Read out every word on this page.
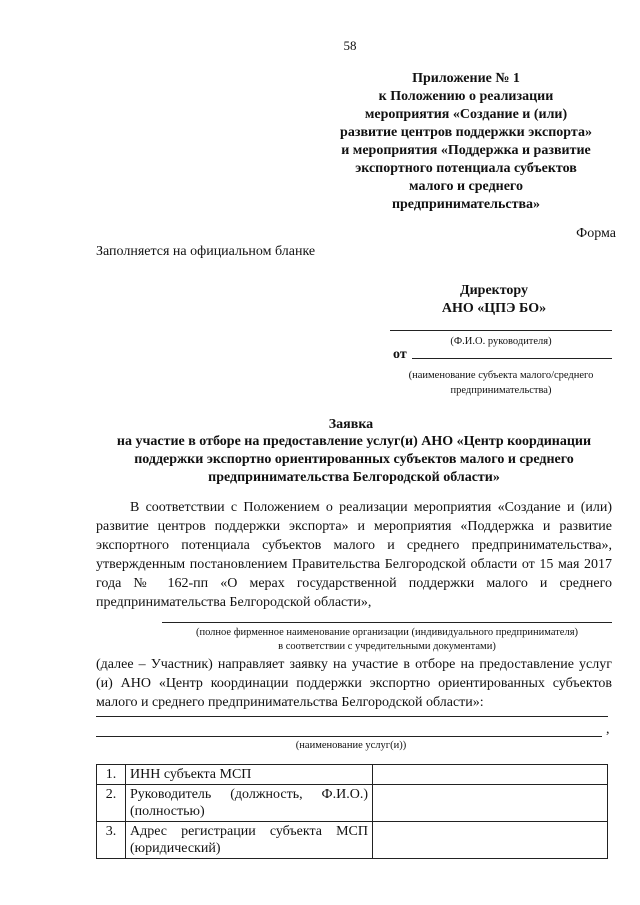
58
Приложение № 1
к Положению о реализации
мероприятия «Создание и (или)
развитие центров поддержки экспорта»
и мероприятия «Поддержка и развитие
экспортного потенциала субъектов
малого и среднего
предпринимательства»
Форма
Заполняется на официальном бланке
Директору
АНО «ЦПЭ БО»
(Ф.И.О. руководителя)
от
(наименование субъекта малого/среднего
предпринимательства)
Заявка
на участие в отборе на предоставление услуг(и) АНО «Центр координации поддержки экспортно ориентированных субъектов малого и среднего предпринимательства Белгородской области»
В соответствии с Положением о реализации мероприятия «Создание и (или) развитие центров поддержки экспорта» и мероприятия «Поддержка и развитие экспортного потенциала субъектов малого и среднего предпринимательства», утвержденным постановлением Правительства Белгородской области от 15 мая 2017 года № 162-пп «О мерах государственной поддержки малого и среднего предпринимательства Белгородской области»,
(полное фирменное наименование организации (индивидуального предпринимателя)
в соответствии с учредительными документами)
(далее – Участник) направляет заявку на участие в отборе на предоставление услуг (и) АНО «Центр координации поддержки экспортно ориентированных субъектов малого и среднего предпринимательства Белгородской области»:
,
(наименование услуг(и))
1.	ИНН субъекта МСП	
2.	Руководитель (должность, Ф.И.О.) (полностью)	
3.	Адрес регистрации субъекта МСП (юридический)	
